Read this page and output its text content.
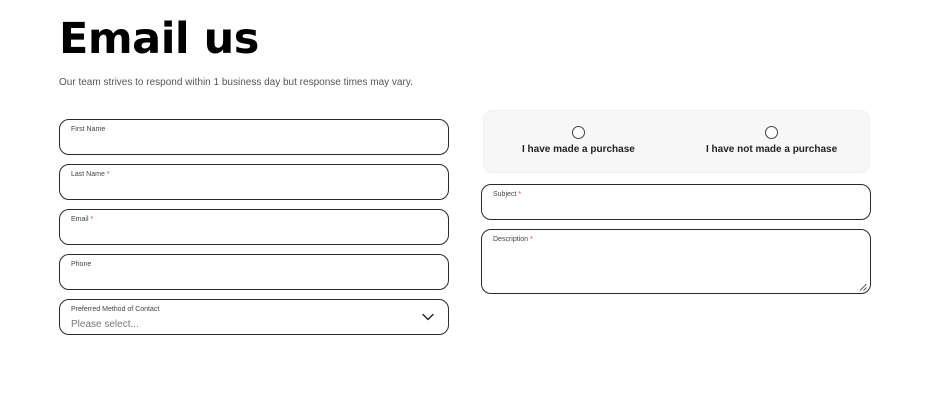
Email us

Our team strives to respond within 1 business day but response times may vary.

First Name
Last Name *
Email *
Phone
Preferred Method of Contact
Please select...
I have made a purchase	I have not made a purchase
Subject *
Description *
